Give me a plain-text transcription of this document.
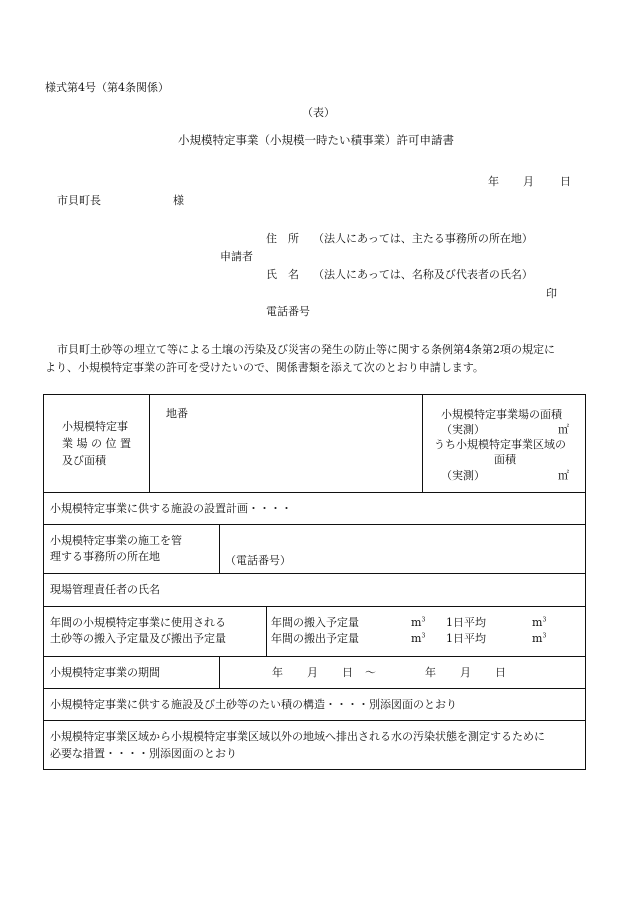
様式第4号（第4条関係）
（表）
小規模特定事業（小規模一時たい積事業）許可申請書
年 月 日
市貝町長	様
住　所 （法人にあっては、主たる事務所の所在地）
申請者
氏　名 （法人にあっては、名称及び代表者の氏名）
印
電話番号
市貝町土砂等の埋立て等による土壌の汚染及び災害の発生の防止等に関する条例第4条第2項の規定に
より、小規模特定事業の許可を受けたいので、関係書類を添えて次のとおり申請します。
小規模特定事
業 場 の 位 置
及び面積
地番	小規模特定事業場の面積
（実測）	㎡
うち小規模特定事業区域の
面積
（実測）	㎡
小規模特定事業に供する施設の設置計画・・・・
小規模特定事業の施工を管
理する事務所の所在地	（電話番号）
現場管理責任者の氏名
年間の小規模特定事業に使用される
土砂等の搬入予定量及び搬出予定量
年間の搬入予定量	$m^3$ 1日平均	$m^3$
年間の搬出予定量	$m^3$ 1日平均	$m^3$
小規模特定事業の期間	年 月 日 ～	年 月 日
小規模特定事業に供する施設及び土砂等のたい積の構造・・・・別添図面のとおり
小規模特定事業区域から小規模特定事業区域以外の地域へ排出される水の汚染状態を測定するために
必要な措置・・・・別添図面のとおり
